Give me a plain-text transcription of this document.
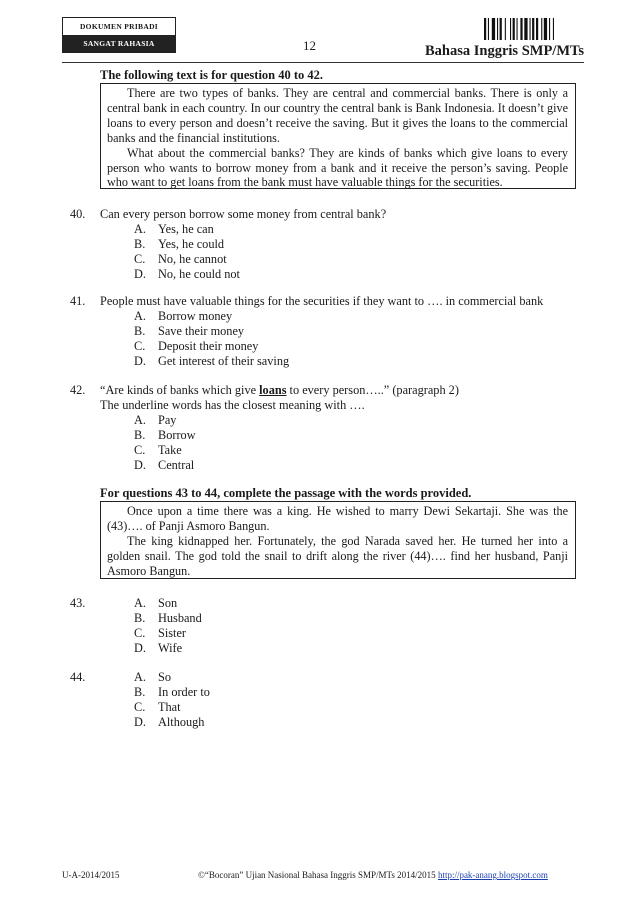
DOKUMEN PRIBADI
SANGAT RAHASIA	12	Bahasa Inggris SMP/MTs
The following text is for question 40 to 42.

There are two types of banks. They are central and commercial banks. There is only a central bank in each country. In our country the central bank is Bank Indonesia. It doesn’t give loans to every person and doesn’t receive the saving. But it gives the loans to the commercial banks and the financial institutions.

What about the commercial banks? They are kinds of banks which give loans to every person who wants to borrow money from a bank and it receive the person’s saving. People who want to get loans from the bank must have valuable things for the securities.

40. Can every person borrow some money from central bank?
A. Yes, he can
B. Yes, he could
C. No, he cannot
D. No, he could not
41. People must have valuable things for the securities if they want to …. in commercial bank
A. Borrow money
B. Save their money
C. Deposit their money
D. Get interest of their saving
42. “Are kinds of banks which give loans to every person…..” (paragraph 2)
The underline words has the closest meaning with ….
A. Pay
B. Borrow
C. Take
D. Central
For questions 43 to 44, complete the passage with the words provided.

Once upon a time there was a king. He wished to marry Dewi Sekartaji. She was the (43)…. of Panji Asmoro Bangun.

The king kidnapped her. Fortunately, the god Narada saved her. He turned her into a golden snail. The god told the snail to drift along the river (44)…. find her husband, Panji Asmoro Bangun.

43.	A. Son
B. Husband
C. Sister
D. Wife
44.	A. So
B. In order to
C. That
D. Although
U-A-2014/2015	©“Bocoran” Ujian Nasional Bahasa Inggris SMP/MTs 2014/2015 http://pak-anang.blogspot.com
